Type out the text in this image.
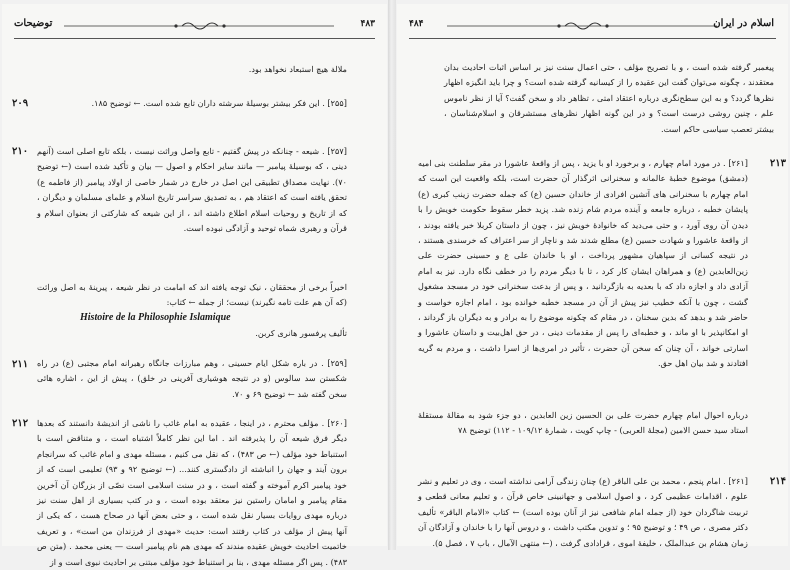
توضیحات	۴۸۳
ملالة هیچ استبعاد نخواهد بود.
۲۰۹	[۲۵۵] . این فکر بیشتر بوسیلهٔ سرشته داران تابع شده است. ← توضیح ۱۸۵.
۲۱۰ [۲۵۷] . شیعه - چنانکه در پیش گفتیم - تابع واصل وراثت نیست ، بلکه تابع اصلی است (آنهم دینی ، که بوسیلهٔ پیامبر — مانند سایر احکام و اصول — بیان و تأکید شده است (← توضیح ۷۰). نهایت مصداق تطبیقی این اصل در خارج در شمار خاصی از اولاد پیامبر (از فاطمه ع) تحقق یافته است که اعتقاد هم ، به تصدیق سراسر تاریخ اسلام و علمای مسلمان و دیگران ، که از تاریخ و روحیات اسلام اطلاع داشته اند ، از این شیعه که شارکتی از بعنوان اسلام و قرآن و رهبری شماه توحید و آزادگی نبوده است.
اخیراً برخی از محققان ، نیک توجه یافته اند که امامت در نظر شیعه ، پیرینهٔ به اصل وراثت (که آن هم علت تامه نگیرند) نیست؛ از جمله ← کتاب:
Histoire de la Philosophie Islamique
تألیف پرفسور هانری کربن.
۲۱۱ [۲۵۹] . در باره شکل ایام حسینی ، وهم مبارزات جانگاه رهبرانه امام مجتبی (ع) در راه شکستن سد سالوس (و در نتیجه هوشیاری آفرینی در خلق) ، پیش از این ، اشاره هائی سخن گفته شد ← توضیح ۶۹ و ۷۰.
۲۱۲ [۲۶۰] . مؤلف محترم ، در اینجا ، عقیده به امام غائب را ناشی از اندیشهٔ دانستند که بعدها دیگر فرق شیعه آن را پذیرفته اند . اما این نظر کاملاً اشتباه است ، و متناقض است با استنباط خود مؤلف (← ص ۴۸۳) ، که نقل می کنیم ، مسئله مهدی و امام غائب که سرانجام برون آیند و جهان را انباشته از دادگستری کنند... (← توضیح ۹۲ و ۹۳) تعلیمی است که از خود پیامبر اکرم آموخته و گفته است ، و در سنت اسلامی است نصّی از بزرگان آن آخرین مقام پیامبر و امامان راستین نیز معتقد بوده است ، و در کتب بسیاری از اهل سنت نیز درباره مهدی روایات بسیار نقل شده است ، و حتی بعض آنها در صحاح هست ، که یکی از آنها پیش از مؤلف در کتاب رفتند است: حدیث «مهدی از فرزندان من است» ، و تعریف خاتمیت احادیث خویش عقیده مندند که مهدی هم نام پیامبر است — یعنی محمد . (متن ص ۴۸۳) . پس اگر مسئله مهدی ، بنا بر استنباط خود مؤلف مبتنی بر احادیث نبوی است و از
۴۸۴	اسلام در ایران
پیغمبر گرفته شده است ، و با تصریح مؤلف ، حتی اعمال سنت نیز بر اساس اثبات احادیث بدان معتقدند ، چگونه می‌توان گفت این عقیده را از کیسانیه گرفته شده است؟ و چرا باید انگیزه اظهار نظرها گردد؟ و به این سطح‌نگری درباره اعتقاد امتی ، تظاهر داد و سخن گفت؟ آیا از نظر ناموس علم ، چنین روشی درست است؟ و در این گونه اظهار نظرهای مستشرقان و اسلام‌شناسان ، بیشتر تعصب سیاسی حاکم است.
۲۱۳
[۲۶۱] . در مورد امام چهارم ، و برخورد او با یزید ، پس از واقعهٔ عاشورا در مقر سلطنت بنی امیه (دمشق) موضوع خطبهٔ عالمانه و سخنرانی اثرگذار آن حضرت است، بلکه واقعیت این است که امام چهارم با سخنرانی های آتشین افرادی از خاندان حسین (ع) که جمله حضرت زینب کبری (ع) پایشان خطبه ، درباره جامعه و آینده مردم شام زنده شد. پزید خطر سقوط حکومت خویش را با دیدن آن روی آورد ، و حتی می‌دید که خانوادهٔ خویش نیز ، چون از داستان کربلا خبر یافته بودند ، از واقعهٔ عاشورا و شهادت حسین (ع) مطلع شدند شد و ناچار از سر اعتراف که خرسندی هستند ، در نتیجه کسانی از سپاهیان مشهور پرداخت ، او با خاندان علی ع و حسینی حضرت علی زین‌العابدین (ع) و همراهان ایشان کار کرد ، تا با دیگر مردم را در خطف نگاه دارد. نیز به امام آزادی داد و اجازه داد که با بعدیه به بازگردانید ، و پس از بدعت سخنرانی خود در مسجد مشغول گشت ، چون با آنکه خطیب نیز پیش از آن در مسجد خطبه خوانده بود ، امام اجازه خواست و حاضر شد و بدهد که بدین سخنان ، در مقام که چکونه موضوع را به برادر و به دیگران باز گرداند ، او امکانپذیر با او ماند ، و خطبه‌ای را پس از مقدمات دینی ، در حق اهل‌بیت و داستان عاشورا و اسارتی خواند ، آن چنان که سخن آن حضرت ، تأثیر در امری‌ها از اسرا داشت ، و مردم به گریه افتادند و شد بیان اهل حق.
درباره احوال امام چهارم حضرت علی بن الحسین زین العابدین ، دو جزء شود به مقالهٔ مستقلهٔ استاد سید حسن الامین (مجلهٔ العربی) - چاپ کویت ، شمارهٔ ۱۰۹/۱۲ - ۱۱۲) توضیح ۷۸
۲۱۴
[۲۶۱] . امام پنجم ، محمد بن علی الباقر (ع) چنان زندگی آرامی نداشته است ، وی در تعلیم و نشر علوم ، اقدامات عظیمی کرد ، و اصول اسلامی و جهانبینی خاص قرآن ، و تعلیم معانی قطعی و تربیت شاگردان خود (از جمله امام شافعی نیز از آنان بوده است) ← کتاب «الامام الباقر» تألیف دکتر مصری ، ص ۴۹ ؛ و توضیح ۹۵ ؛ و تدوین مکتب داشت ، و دروس آنها را با خاندان و آزادگان آن زمان هشام بن عبدالملک ، خلیفهٔ اموی ، قرادادی گرفت ، (← منتهی الآمال ، باب ۷ ، فصل ۵).
